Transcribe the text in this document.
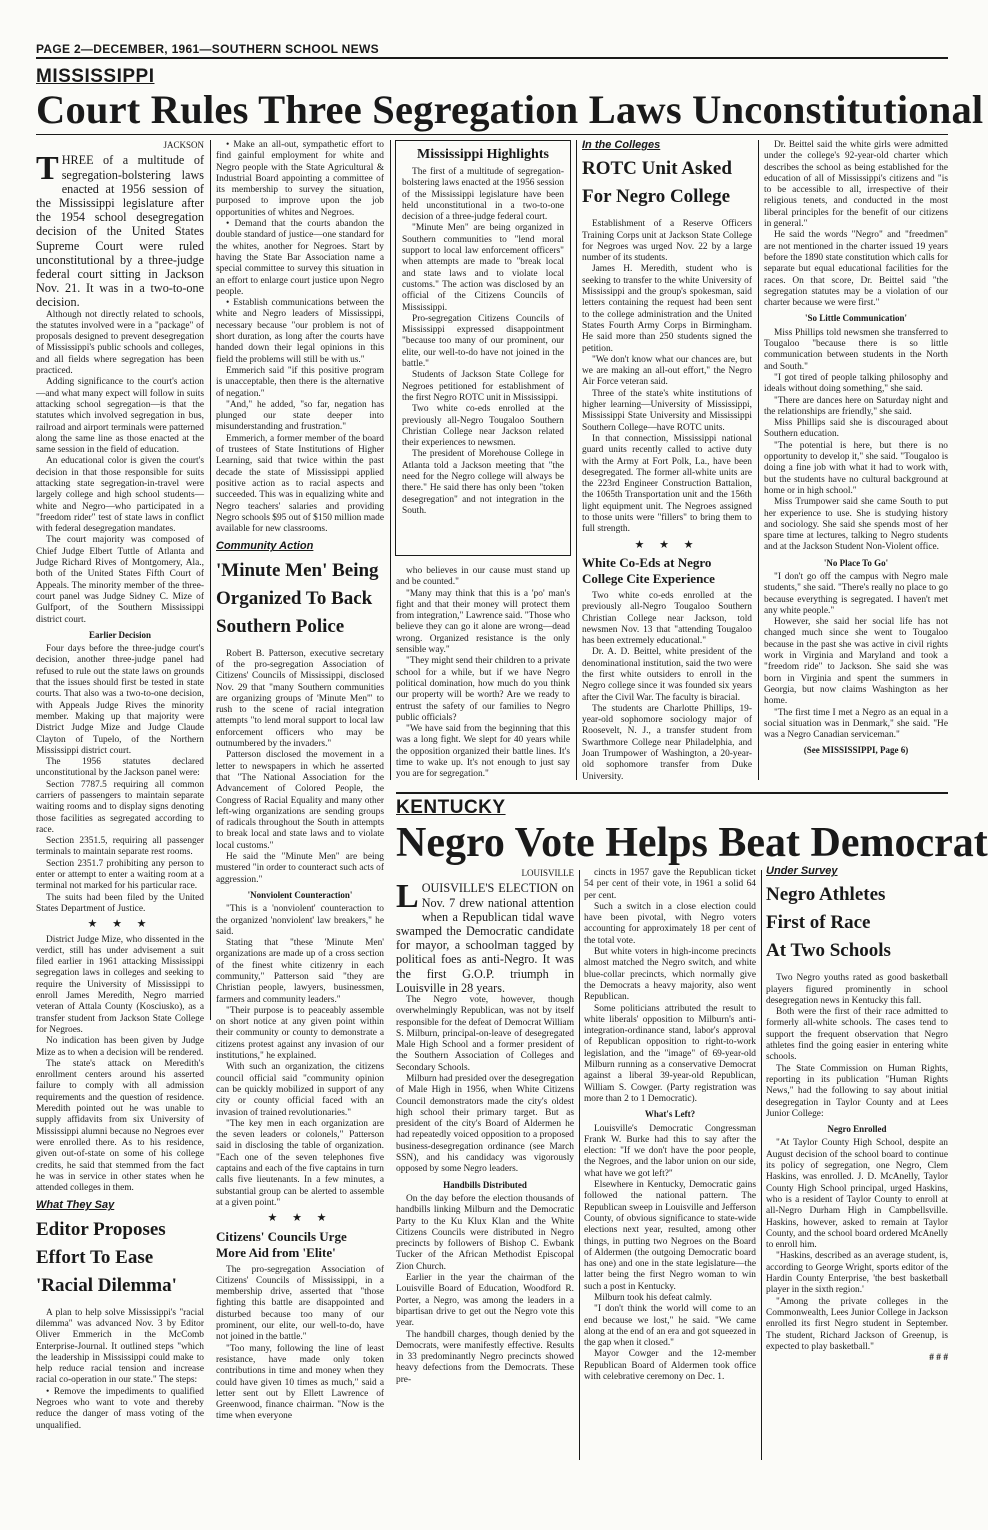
PAGE 2—DECEMBER, 1961—SOUTHERN SCHOOL NEWS
MISSISSIPPI
Court Rules Three Segregation Laws Unconstitutional
JACKSON

THREE of a multitude of segregation-bolstering laws enacted at 1956 session of the Mississippi legislature after the 1954 school desegregation decision of the United States Supreme Court were ruled unconstitutional by a three-judge federal court sitting in Jackson Nov. 21. It was in a two-to-one decision.

Although not directly related to schools, the statutes involved were in a "package" of proposals designed to prevent desegregation of Mississippi's public schools and colleges, and all fields where segregation has been practiced.

Adding significance to the court's action—and what many expect will follow in suits attacking school segregation—is that the statutes which involved segregation in bus, railroad and airport terminals were patterned along the same line as those enacted at the same session in the field of education.

An educational color is given the court's decision in that those responsible for suits attacking state segregation-in-travel were largely college and high school students—white and Negro—who participated in a "freedom rider" test of state laws in conflict with federal desegregation mandates.

The court majority was composed of Chief Judge Elbert Tuttle of Atlanta and Judge Richard Rives of Montgomery, Ala., both of the United States Fifth Court of Appeals. The minority member of the three-court panel was Judge Sidney C. Mize of Gulfport, of the Southern Mississippi district court.

Earlier Decision

Four days before the three-judge court's decision, another three-judge panel had refused to rule out the state laws on grounds that the issues should first be tested in state courts. That also was a two-to-one decision, with Appeals Judge Rives the minority member. Making up that majority were District Judge Mize and Judge Claude Clayton of Tupelo, of the Northern Mississippi district court.

The 1956 statutes declared unconstitutional by the Jackson panel were:

Section 7787.5 requiring all common carriers of passengers to maintain separate waiting rooms and to display signs denoting those facilities as segregated according to race.

Section 2351.5, requiring all passenger terminals to maintain separate rest rooms.

Section 2351.7 prohibiting any person to enter or attempt to enter a waiting room at a terminal not marked for his particular race.

The suits had been filed by the United States Department of Justice.

★ ★ ★

District Judge Mize, who dissented in the verdict, still has under advisement a suit filed earlier in 1961 attacking Mississippi segregation laws in colleges and seeking to require the University of Mississippi to enroll James Meredith, Negro married veteran of Attala County (Kosciusko), as a transfer student from Jackson State College for Negroes.

No indication has been given by Judge Mize as to when a decision will be rendered.

The state's attack on Meredith's enrollment centers around his asserted failure to comply with all admission requirements and the question of residence. Meredith pointed out he was unable to supply affidavits from six University of Mississippi alumni because no Negroes ever were enrolled there. As to his residence, given out-of-state on some of his college credits, he said that stemmed from the fact he was in service in other states when he attended colleges in them.

What They Say
Editor Proposes
Effort To Ease
'Racial Dilemma'

A plan to help solve Mississippi's "racial dilemma" was advanced Nov. 3 by Editor Oliver Emmerich in the McComb Enterprise-Journal. It outlined steps "which the leadership in Mississippi could make to help reduce racial tension and increase racial co-operation in our state." The steps:

• Remove the impediments to qualified Negroes who want to vote and thereby reduce the danger of mass voting of the unqualified.

• Make an all-out, sympathetic effort to find gainful employment for white and Negro people with the State Agricultural & Industrial Board appointing a committee of its membership to survey the situation, purposed to improve upon the job opportunities of whites and Negroes.

• Demand that the courts abandon the double standard of justice—one standard for the whites, another for Negroes. Start by having the State Bar Association name a special committee to survey this situation in an effort to enlarge court justice upon Negro people.

• Establish communications between the white and Negro leaders of Mississippi, necessary because "our problem is not of short duration, as long after the courts have handed down their legal opinions in this field the problems will still be with us."

Emmerich said "if this positive program is unacceptable, then there is the alternative of negation."

"And," he added, "so far, negation has plunged our state deeper into misunderstanding and frustration."

Emmerich, a former member of the board of trustees of State Institutions of Higher Learning, said that twice within the past decade the state of Mississippi applied positive action as to racial aspects and succeeded. This was in equalizing white and Negro teachers' salaries and providing Negro schools $95 out of $150 million made available for new classrooms.

Community Action
'Minute Men' Being
Organized To Back
Southern Police

Robert B. Patterson, executive secretary of the pro-segregation Association of Citizens' Councils of Mississippi, disclosed Nov. 29 that "many Southern communities are organizing groups of 'Minute Men'" to rush to the scene of racial integration attempts "to lend moral support to local law enforcement officers who may be outnumbered by the invaders."

Patterson disclosed the movement in a letter to newspapers in which he asserted that "The National Association for the Advancement of Colored People, the Congress of Racial Equality and many other left-wing organizations are sending groups of radicals throughout the South in attempts to break local and state laws and to violate local customs."

He said the "Minute Men" are being mustered "in order to counteract such acts of aggression."

'Nonviolent Counteraction'

"This is a 'nonviolent' counteraction to the organized 'nonviolent' law breakers," he said.

Stating that "these 'Minute Men' organizations are made up of a cross section of the finest white citizenry in each community," Patterson said "they are Christian people, lawyers, businessmen, farmers and community leaders."

"Their purpose is to peaceably assemble on short notice at any given point within their community or county to demonstrate a citizens protest against any invasion of our institutions," he explained.

With such an organization, the citizens council official said "community opinion can be quickly mobilized in support of any city or county official faced with an invasion of trained revolutionaries."

"The key men in each organization are the seven leaders or colonels," Patterson said in disclosing the table of organization. "Each one of the seven telephones five captains and each of the five captains in turn calls five lieutenants. In a few minutes, a substantial group can be alerted to assemble at a given point."

★ ★ ★
Citizens' Councils Urge
More Aid from 'Elite'

The pro-segregation Association of Citizens' Councils of Mississippi, in a membership drive, asserted that "those fighting this battle are disappointed and disturbed because too many of our prominent, our elite, our well-to-do, have not joined in the battle."

"Too many, following the line of least resistance, have made only token contributions in time and money when they could have given 10 times as much," said a letter sent out by Ellett Lawrence of Greenwood, finance chairman. "Now is the time when everyone

Mississippi Highlights

The first of a multitude of segregation-bolstering laws enacted at the 1956 session of the Mississippi legislature have been held unconstitutional in a two-to-one decision of a three-judge federal court.

"Minute Men" are being organized in Southern communities to "lend moral support to local law enforcement officers" when attempts are made to "break local and state laws and to violate local customs." The action was disclosed by an official of the Citizens Councils of Mississippi.

Pro-segregation Citizens Councils of Mississippi expressed disappointment "because too many of our prominent, our elite, our well-to-do have not joined in the battle."

Students of Jackson State College for Negroes petitioned for establishment of the first Negro ROTC unit in Mississippi.

Two white co-eds enrolled at the previously all-Negro Tougaloo Southern Christian College near Jackson related their experiences to newsmen.

The president of Morehouse College in Atlanta told a Jackson meeting that "the need for the Negro college will always be there." He said there has only been "token desegregation" and not integration in the South.

who believes in our cause must stand up and be counted."

"Many may think that this is a 'po' man's fight and that their money will protect them from integration," Lawrence said. "Those who believe they can go it alone are wrong—dead wrong. Organized resistance is the only sensible way."

"They might send their children to a private school for a while, but if we have Negro political domination, how much do you think our property will be worth? Are we ready to entrust the safety of our families to Negro public officials?

"We have said from the beginning that this was a long fight. We slept for 40 years while the opposition organized their battle lines. It's time to wake up. It's not enough to just say you are for segregation."

In the Colleges
ROTC Unit Asked
For Negro College

Establishment of a Reserve Officers Training Corps unit at Jackson State College for Negroes was urged Nov. 22 by a large number of its students.

James H. Meredith, student who is seeking to transfer to the white University of Mississippi and the group's spokesman, said letters containing the request had been sent to the college administration and the United States Fourth Army Corps in Birmingham. He said more than 250 students signed the petition.

"We don't know what our chances are, but we are making an all-out effort," the Negro Air Force veteran said.

Three of the state's white institutions of higher learning—University of Mississippi, Mississippi State University and Mississippi Southern College—have ROTC units.

In that connection, Mississippi national guard units recently called to active duty with the Army at Fort Polk, La., have been desegregated. The former all-white units are the 223rd Engineer Construction Battalion, the 1065th Transportation unit and the 156th light equipment unit. The Negroes assigned to those units were "fillers" to bring them to full strength.

★ ★ ★
White Co-Eds at Negro
College Cite Experience

Two white co-eds enrolled at the previously all-Negro Tougaloo Southern Christian College near Jackson, told newsmen Nov. 13 that "attending Tougaloo has been extremely educational."

Dr. A. D. Beittel, white president of the denominational institution, said the two were the first white outsiders to enroll in the Negro college since it was founded six years after the Civil War. The faculty is biracial.

The students are Charlotte Phillips, 19-year-old sophomore sociology major of Roosevelt, N. J., a transfer student from Swarthmore College near Philadelphia, and Joan Trumpower of Washington, a 20-year-old sophomore transfer from Duke University.

Dr. Beittel said the white girls were admitted under the college's 92-year-old charter which describes the school as being established for the education of all of Mississippi's citizens and "is to be accessible to all, irrespective of their religious tenets, and conducted in the most liberal principles for the benefit of our citizens in general."

He said the words "Negro" and "freedmen" are not mentioned in the charter issued 19 years before the 1890 state constitution which calls for separate but equal educational facilities for the races. On that score, Dr. Beittel said "the segregation statutes may be a violation of our charter because we were first."

'So Little Communication'

Miss Phillips told newsmen she transferred to Tougaloo "because there is so little communication between students in the North and South."

"I got tired of people talking philosophy and ideals without doing something," she said.

"There are dances here on Saturday night and the relationships are friendly," she said.

Miss Phillips said she is discouraged about Southern education.

"The potential is here, but there is no opportunity to develop it," she said. "Tougaloo is doing a fine job with what it had to work with, but the students have no cultural background at home or in high school."

Miss Trumpower said she came South to put her experience to use. She is studying history and sociology. She said she spends most of her spare time at lectures, talking to Negro students and at the Jackson Student Non-Violent office.

'No Place To Go'

"I don't go off the campus with Negro male students," she said. "There's really no place to go because everything is segregated. I haven't met any white people."

However, she said her social life has not changed much since she went to Tougaloo because in the past she was active in civil rights work in Virginia and Maryland and took a "freedom ride" to Jackson. She said she was born in Virginia and spent the summers in Georgia, but now claims Washington as her home.

"The first time I met a Negro as an equal in a social situation was in Denmark," she said. "He was a Negro Canadian serviceman."

(See MISSISSIPPI, Page 6)
KENTUCKY
Negro Vote Helps Beat Democrat
LOUISVILLE

LOUISVILLE'S ELECTION on Nov. 7 drew national attention when a Republican tidal wave swamped the Democratic candidate for mayor, a schoolman tagged by political foes as anti-Negro. It was the first G.O.P. triumph in Louisville in 28 years.

The Negro vote, however, though overwhelmingly Republican, was not by itself responsible for the defeat of Democrat William S. Milburn, principal-on-leave of desegregated Male High School and a former president of the Southern Association of Colleges and Secondary Schools.

Milburn had presided over the desegregation of Male High in 1956, when White Citizens Council demonstrators made the city's oldest high school their primary target. But as president of the city's Board of Aldermen he had repeatedly voiced opposition to a proposed business-desegregation ordinance (see March SSN), and his candidacy was vigorously opposed by some Negro leaders.

Handbills Distributed

On the day before the election thousands of handbills linking Milburn and the Democratic Party to the Ku Klux Klan and the White Citizens Councils were distributed in Negro precincts by followers of Bishop C. Ewbank Tucker of the African Methodist Episcopal Zion Church.

Earlier in the year the chairman of the Louisville Board of Education, Woodford R. Porter, a Negro, was among the leaders in a bipartisan drive to get out the Negro vote this year.

The handbill charges, though denied by the Democrats, were manifestly effective. Results in 33 predominantly Negro precincts showed heavy defections from the Democrats. These pre-

cincts in 1957 gave the Republican ticket 54 per cent of their vote, in 1961 a solid 64 per cent.

Such a switch in a close election could have been pivotal, with Negro voters accounting for approximately 18 per cent of the total vote.

But white voters in high-income precincts almost matched the Negro switch, and white blue-collar precincts, which normally give the Democrats a heavy majority, also went Republican.

Some politicians attributed the result to white liberals' opposition to Milburn's anti-integration-ordinance stand, labor's approval of Republican opposition to right-to-work legislation, and the "image" of 69-year-old Milburn running as a conservative Democrat against a liberal 39-year-old Republican, William S. Cowger. (Party registration was more than 2 to 1 Democratic).

What's Left?

Louisville's Democratic Congressman Frank W. Burke had this to say after the election: "If we don't have the poor people, the Negroes, and the labor union on our side, what have we got left?"

Elsewhere in Kentucky, Democratic gains followed the national pattern. The Republican sweep in Louisville and Jefferson County, of obvious significance to state-wide elections next year, resulted, among other things, in putting two Negroes on the Board of Aldermen (the outgoing Democratic board has one) and one in the state legislature—the latter being the first Negro woman to win such a post in Kentucky.

Milburn took his defeat calmly.

"I don't think the world will come to an end because we lost," he said. "We came along at the end of an era and got squeezed in the gap when it closed."

Mayor Cowger and the 12-member Republican Board of Aldermen took office with celebrative ceremony on Dec. 1.

Under Survey
Negro Athletes
First of Race
At Two Schools

Two Negro youths rated as good basketball players figured prominently in school desegregation news in Kentucky this fall.

Both were the first of their race admitted to formerly all-white schools. The cases tend to support the frequent observation that Negro athletes find the going easier in entering white schools.

The State Commission on Human Rights, reporting in its publication "Human Rights News," had the following to say about initial desegregation in Taylor County and at Lees Junior College:

Negro Enrolled

"At Taylor County High School, despite an August decision of the school board to continue its policy of segregation, one Negro, Clem Haskins, was enrolled. J. D. McAnelly, Taylor County High School principal, urged Haskins, who is a resident of Taylor County to enroll at all-Negro Durham High in Campbellsville. Haskins, however, asked to remain at Taylor County, and the school board ordered McAnelly to enroll him.

"Haskins, described as an average student, is, according to George Wright, sports editor of the Hardin County Enterprise, 'the best basketball player in the sixth region.'

"Among the private colleges in the Commonwealth, Lees Junior College in Jackson enrolled its first Negro student in September. The student, Richard Jackson of Greenup, is expected to play basketball."

# # #
